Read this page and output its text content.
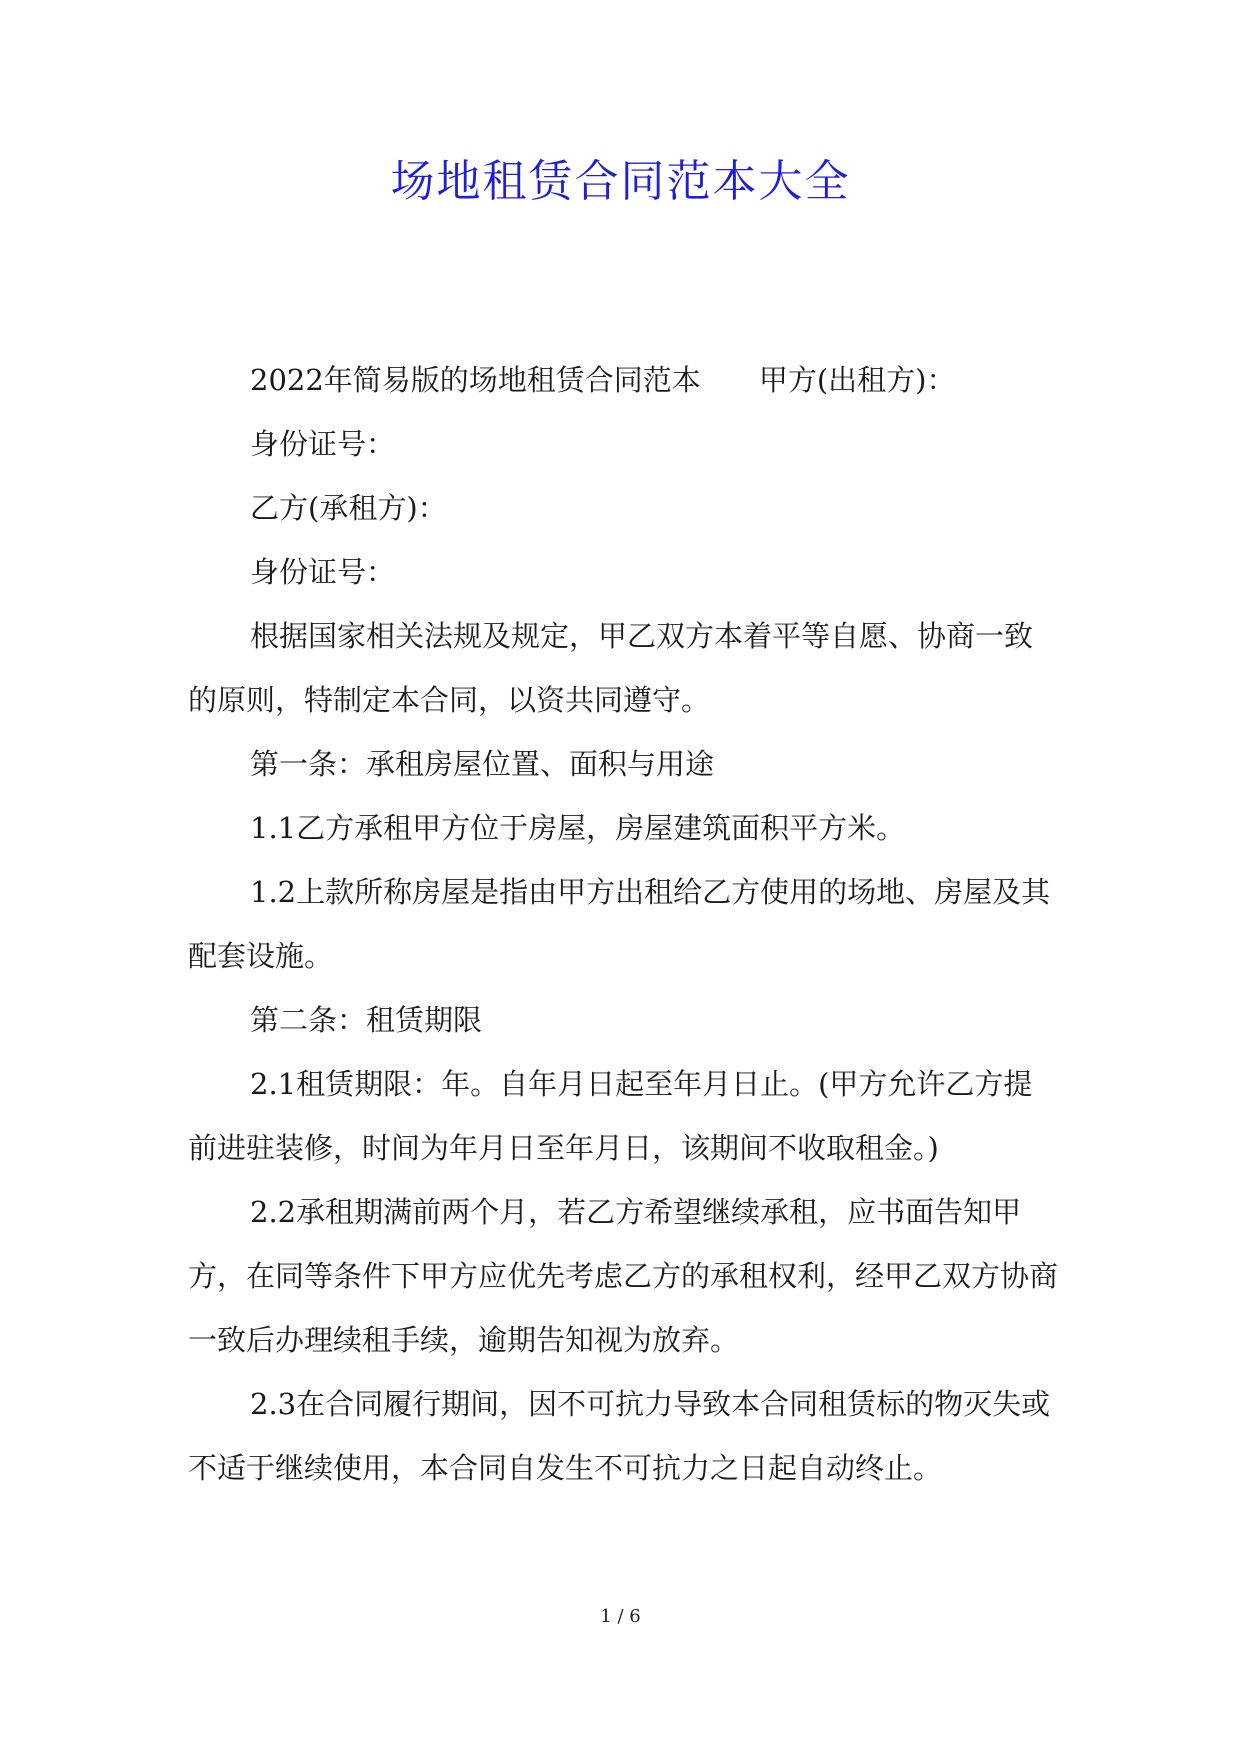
场地租赁合同范本大全

2022年简易版的场地租赁合同范本 甲方(出租方)：

身份证号：

乙方(承租方)：

身份证号：

根据国家相关法规及规定，甲乙双方本着平等自愿、协商一致的原则，特制定本合同，以资共同遵守。

第一条：承租房屋位置、面积与用途

1.1乙方承租甲方位于房屋，房屋建筑面积平方米。

1.2上款所称房屋是指由甲方出租给乙方使用的场地、房屋及其配套设施。

第二条：租赁期限

2.1租赁期限：年。自年月日起至年月日止。(甲方允许乙方提前进驻装修，时间为年月日至年月日，该期间不收取租金。)

2.2承租期满前两个月，若乙方希望继续承租，应书面告知甲方，在同等条件下甲方应优先考虑乙方的承租权利，经甲乙双方协商一致后办理续租手续，逾期告知视为放弃。

2.3在合同履行期间，因不可抗力导致本合同租赁标的物灭失或不适于继续使用，本合同自发生不可抗力之日起自动终止。

1 / 6
